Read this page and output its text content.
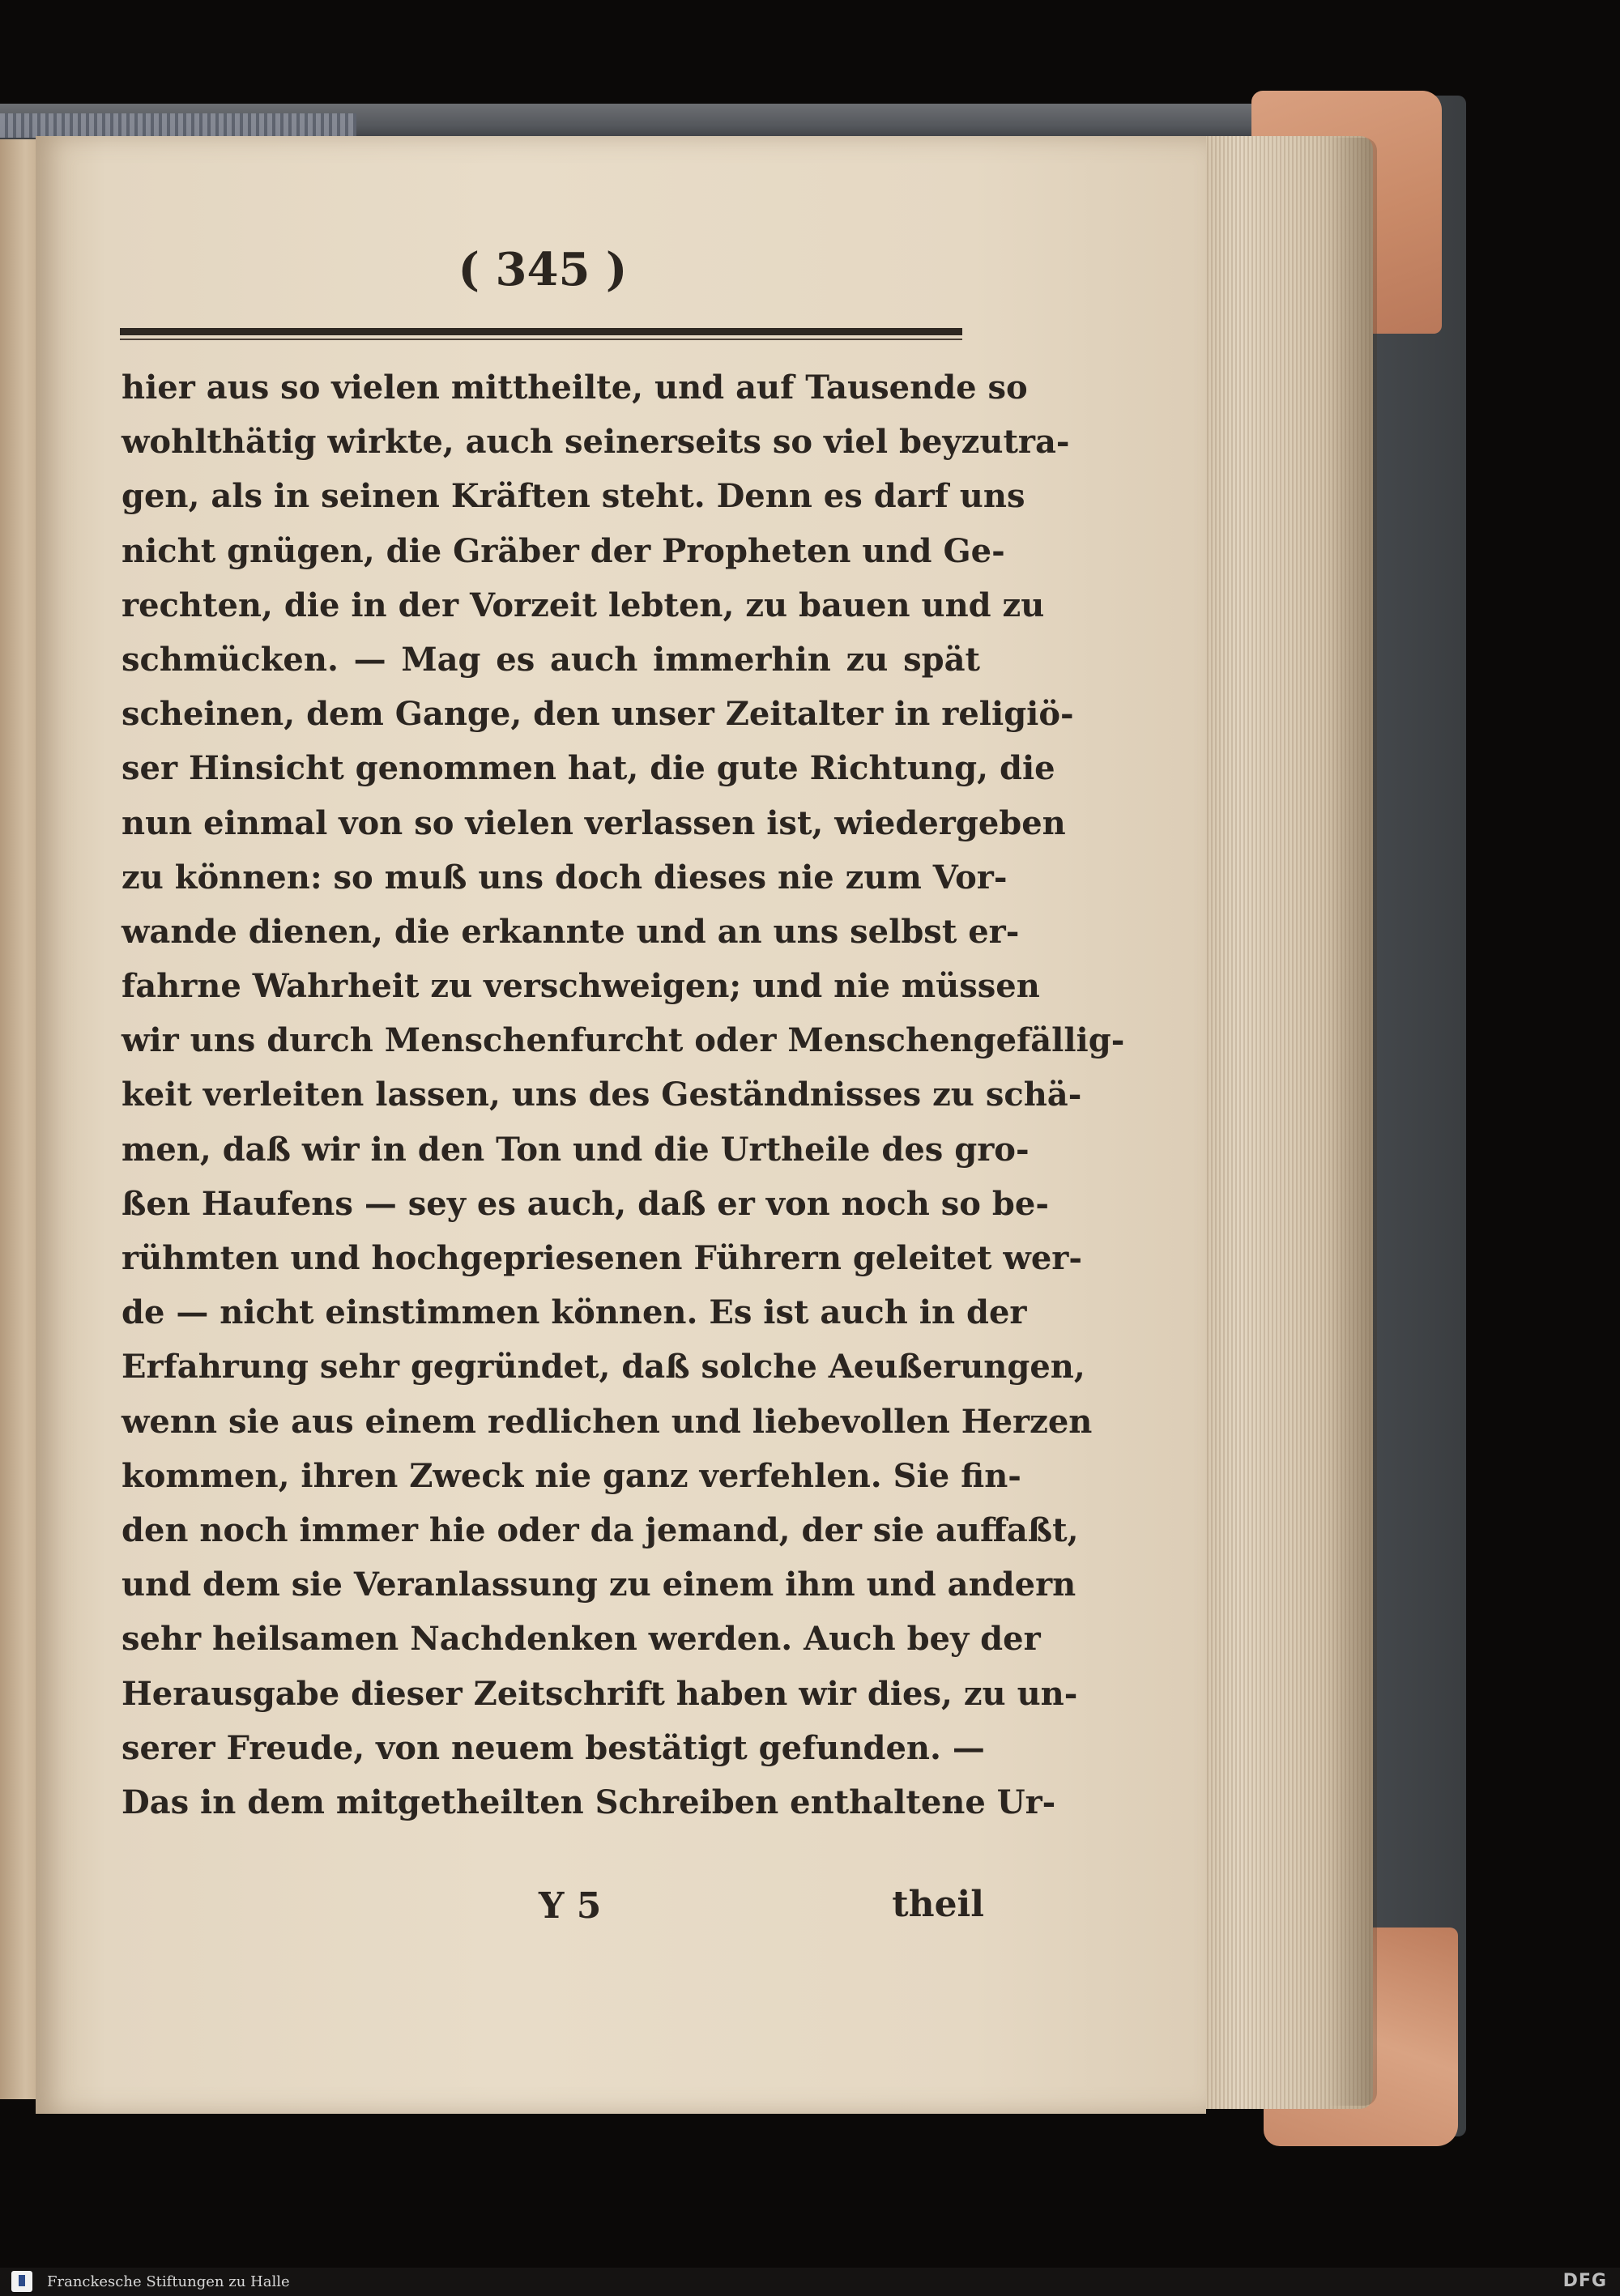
( 345 )
hier aus so vielen mittheilte, und auf Tausende so
wohlthätig wirkte, auch seinerseits so viel beyzutra-
gen, als in seinen Kräften steht. Denn es darf uns
nicht gnügen, die Gräber der Propheten und Ge-
rechten, die in der Vorzeit lebten, zu bauen und zu
schmücken. — Mag es auch immerhin zu spät
scheinen, dem Gange, den unser Zeitalter in religiö-
ser Hinsicht genommen hat, die gute Richtung, die
nun einmal von so vielen verlassen ist, wiedergeben
zu können: so muß uns doch dieses nie zum Vor-
wande dienen, die erkannte und an uns selbst er-
fahrne Wahrheit zu verschweigen; und nie müssen
wir uns durch Menschenfurcht oder Menschengefällig-
keit verleiten lassen, uns des Geständnisses zu schä-
men, daß wir in den Ton und die Urtheile des gro-
ßen Haufens — sey es auch, daß er von noch so be-
rühmten und hochgepriesenen Führern geleitet wer-
de — nicht einstimmen können. Es ist auch in der
Erfahrung sehr gegründet, daß solche Aeußerungen,
wenn sie aus einem redlichen und liebevollen Herzen
kommen, ihren Zweck nie ganz verfehlen. Sie fin-
den noch immer hie oder da jemand, der sie auffaßt,
und dem sie Veranlassung zu einem ihm und andern
sehr heilsamen Nachdenken werden. Auch bey der
Herausgabe dieser Zeitschrift haben wir dies, zu un-
serer Freude, von neuem bestätigt gefunden. —
Das in dem mitgetheilten Schreiben enthaltene Ur-
Y 5	theil
Franckesche Stiftungen zu Halle	DFG
